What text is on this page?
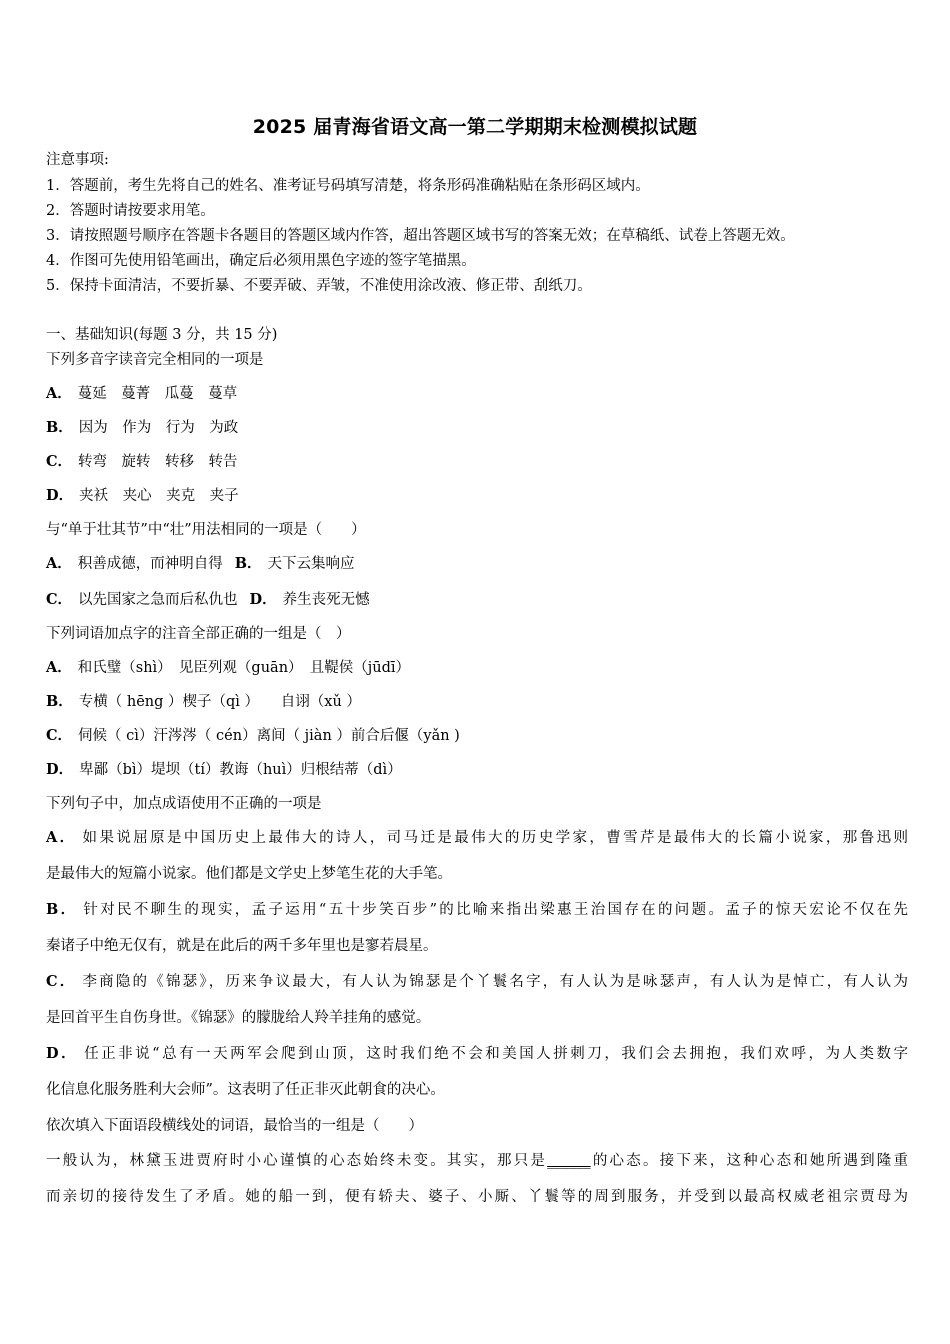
2025 届青海省语文高一第二学期期末检测模拟试题
注意事项:
1．答题前，考生先将自己的姓名、准考证号码填写清楚，将条形码准确粘贴在条形码区域内。
2．答题时请按要求用笔。
3．请按照题号顺序在答题卡各题目的答题区域内作答，超出答题区域书写的答案无效；在草稿纸、试卷上答题无效。
4．作图可先使用铅笔画出，确定后必须用黑色字迹的签字笔描黑。
5．保持卡面清洁，不要折暴、不要弄破、弄皱，不准使用涂改液、修正带、刮纸刀。
一、基础知识(每题 3 分，共 15 分)
下列多音字读音完全相同的一项是
A． 蔓延　蔓菁　瓜蔓　蔓草
B． 因为　作为　行为　为政
C． 转弯　旋转　转移　转告
D． 夹袄　夹心　夹克　夹子
与“单于壮其节”中“壮”用法相同的一项是（　　）
A． 积善成德，而神明自得 B． 天下云集响应
C． 以先国家之急而后私仇也 D． 养生丧死无憾
下列词语加点字的注音全部正确的一组是（　）
A． 和氏璧（shì）　见臣列观（guān）　且鞮侯（jūdī）
B． 专横（ hēng ）楔子（qì ）　　自诩（xǔ ）
C． 伺候（ cì）汗涔涔（ cén）离间（ jiàn ）前合后偃（yǎn )
D． 卑鄙（bì）堤坝（tí）教诲（huì）归根结蒂（dì）
下列句子中，加点成语使用不正确的一项是
A． 如果说屈原是中国历史上最伟大的诗人，司马迁是最伟大的历史学家，曹雪芹是最伟大的长篇小说家，那鲁迅则
是最伟大的短篇小说家。他们都是文学史上梦笔生花的大手笔。
B． 针对民不聊生的现实，孟子运用“五十步笑百步”的比喻来指出梁惠王治国存在的问题。孟子的惊天宏论不仅在先
秦诸子中绝无仅有，就是在此后的两千多年里也是寥若晨星。
C． 李商隐的《锦瑟》，历来争议最大，有人认为锦瑟是个丫鬟名字，有人认为是咏瑟声，有人认为是悼亡，有人认为
是回首平生自伤身世。《锦瑟》的朦胧给人羚羊挂角的感觉。
D． 任正非说“总有一天两军会爬到山顶，这时我们绝不会和美国人拼刺刀，我们会去拥抱，我们欢呼，为人类数字
化信息化服务胜利大会师”。这表明了任正非灭此朝食的决心。
依次填入下面语段横线处的词语，最恰当的一组是（　　）
一般认为，林黛玉进贾府时小心谨慎的心态始终未变。其实，那只是______的心态。接下来，这种心态和她所遇到隆重
而亲切的接待发生了矛盾。她的船一到，便有轿夫、婆子、小厮、丫鬟等的周到服务，并受到以最高权威老祖宗贾母为
